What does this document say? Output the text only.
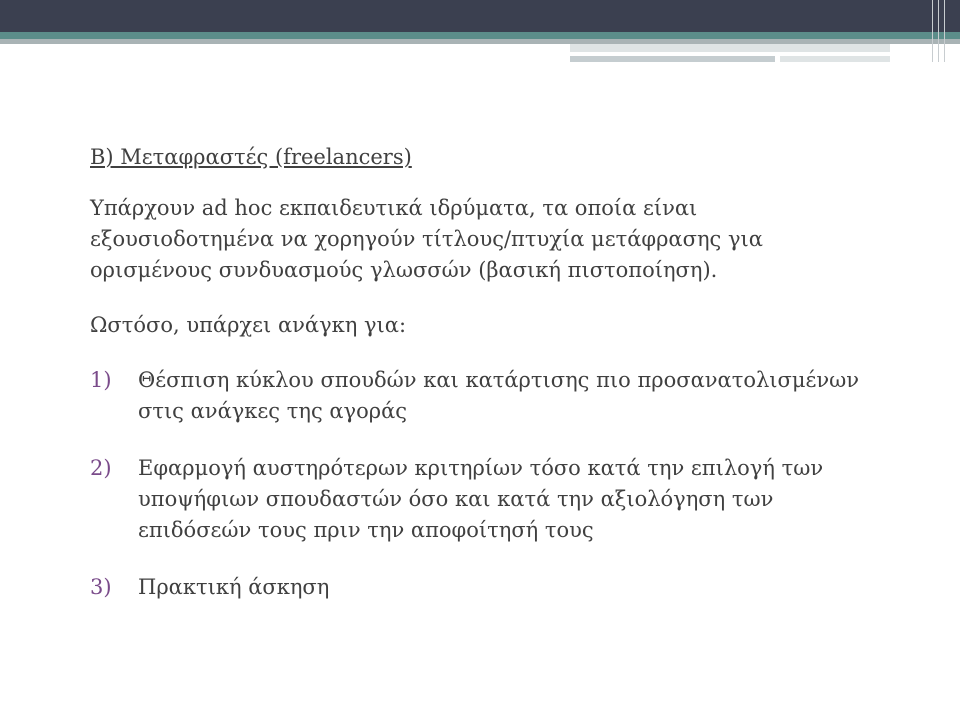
Β) Μεταφραστές (freelancers)
Υπάρχουν ad hoc εκπαιδευτικά ιδρύματα, τα οποία είναι εξουσιοδοτημένα να χορηγούν τίτλους/πτυχία μετάφρασης για ορισμένους συνδυασμούς γλωσσών (βασική πιστοποίηση).
Ωστόσο, υπάρχει ανάγκη για:
1)	Θέσπιση κύκλου σπουδών και κατάρτισης πιο προσανατολισμένων στις ανάγκες της αγοράς
2)	Εφαρμογή αυστηρότερων κριτηρίων τόσο κατά την επιλογή των υποψήφιων σπουδαστών όσο και κατά την αξιολόγηση των επιδόσεών τους πριν την αποφοίτησή τους
3)	Πρακτική άσκηση
